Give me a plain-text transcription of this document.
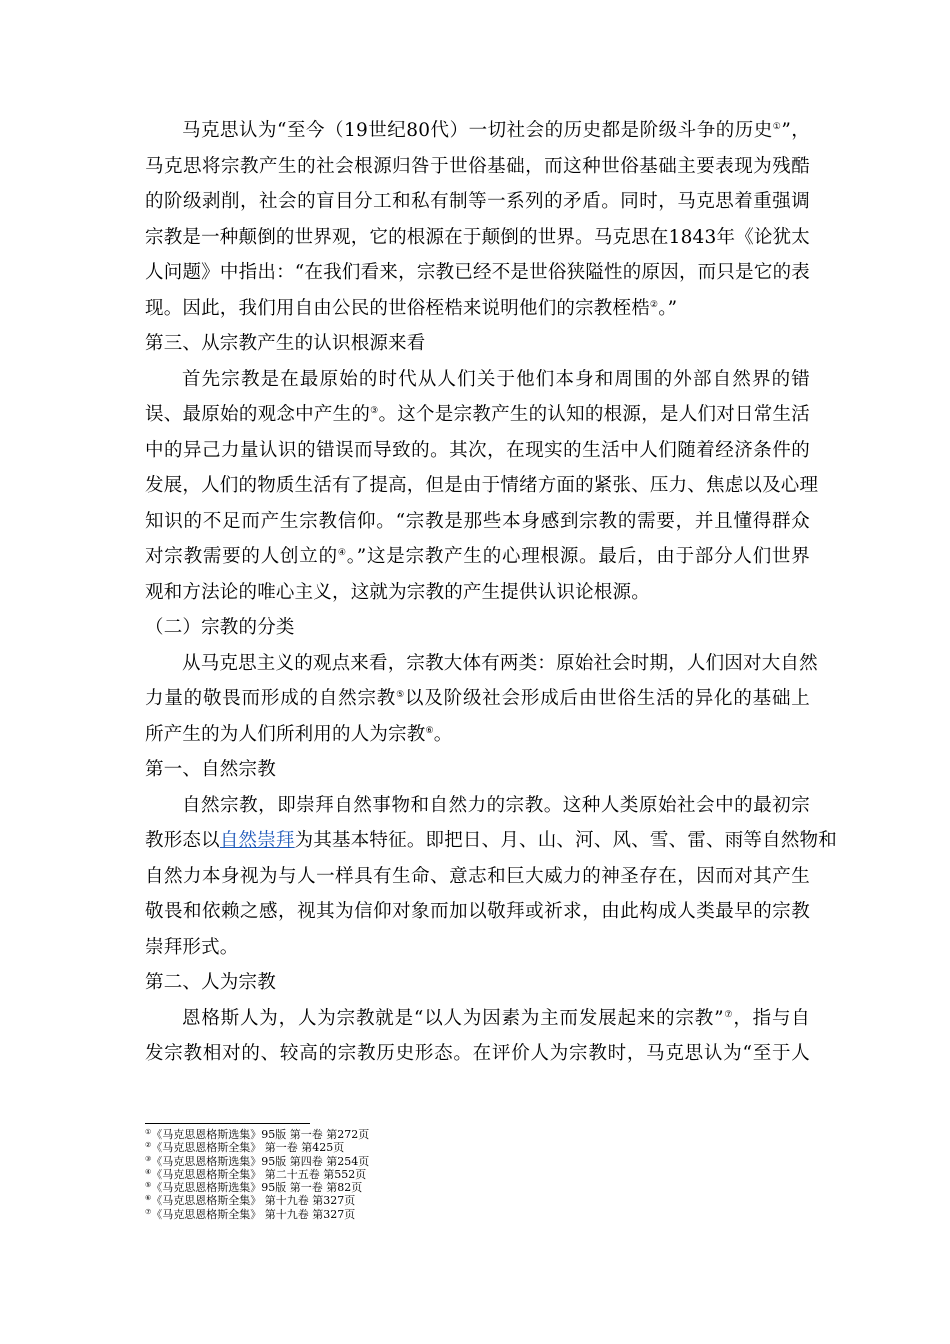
马克思认为“至今（19世纪80代）一切社会的历史都是阶级斗争的历史①”，
马克思将宗教产生的社会根源归咎于世俗基础，而这种世俗基础主要表现为残酷
的阶级剥削，社会的盲目分工和私有制等一系列的矛盾。同时，马克思着重强调
宗教是一种颠倒的世界观，它的根源在于颠倒的世界。马克思在1843年《论犹太
人问题》中指出：“在我们看来，宗教已经不是世俗狭隘性的原因，而只是它的表
现。因此，我们用自由公民的世俗桎梏来说明他们的宗教桎梏②。”
第三、从宗教产生的认识根源来看
首先宗教是在最原始的时代从人们关于他们本身和周围的外部自然界的错
误、最原始的观念中产生的③。这个是宗教产生的认知的根源，是人们对日常生活
中的异己力量认识的错误而导致的。其次，在现实的生活中人们随着经济条件的
发展，人们的物质生活有了提高，但是由于情绪方面的紧张、压力、焦虑以及心理
知识的不足而产生宗教信仰。“宗教是那些本身感到宗教的需要，并且懂得群众
对宗教需要的人创立的④。”这是宗教产生的心理根源。最后，由于部分人们世界
观和方法论的唯心主义，这就为宗教的产生提供认识论根源。
（二）宗教的分类
从马克思主义的观点来看，宗教大体有两类：原始社会时期，人们因对大自然
力量的敬畏而形成的自然宗教⑤以及阶级社会形成后由世俗生活的异化的基础上
所产生的为人们所利用的人为宗教⑥。
第一、自然宗教
自然宗教，即崇拜自然事物和自然力的宗教。这种人类原始社会中的最初宗
教形态以自然崇拜为其基本特征。即把日、月、山、河、风、雪、雷、雨等自然物和
自然力本身视为与人一样具有生命、意志和巨大威力的神圣存在，因而对其产生
敬畏和依赖之感，视其为信仰对象而加以敬拜或祈求，由此构成人类最早的宗教
崇拜形式。
第二、人为宗教
恩格斯人为，人为宗教就是“以人为因素为主而发展起来的宗教”⑦，指与自
发宗教相对的、较高的宗教历史形态。在评价人为宗教时，马克思认为“至于人
①《马克思恩格斯选集》95版 第一卷 第272页
②《马克思恩格斯全集》 第一卷 第425页
③《马克思恩格斯选集》95版 第四卷 第254页
④《马克思恩格斯全集》 第二十五卷 第552页
⑤《马克思恩格斯选集》95版 第一卷 第82页
⑥《马克思恩格斯全集》 第十九卷 第327页
⑦《马克思恩格斯全集》 第十九卷 第327页
